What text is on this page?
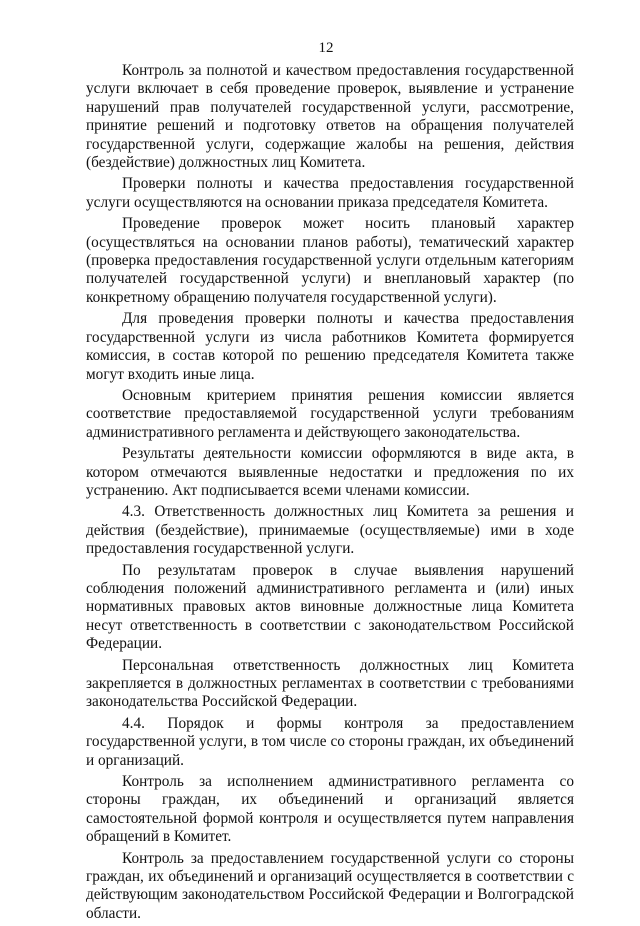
12

Контроль за полнотой и качеством предоставления государственной услуги включает в себя проведение проверок, выявление и устранение нарушений прав получателей государственной услуги, рассмотрение, принятие решений и подготовку ответов на обращения получателей государственной услуги, содержащие жалобы на решения, действия (бездействие) должностных лиц Комитета.

Проверки полноты и качества предоставления государственной услуги осуществляются на основании приказа председателя Комитета.

Проведение проверок может носить плановый характер (осуществляться на основании планов работы), тематический характер (проверка предоставления государственной услуги отдельным категориям получателей государственной услуги) и внеплановый характер (по конкретному обращению получателя государственной услуги).

Для проведения проверки полноты и качества предоставления государственной услуги из числа работников Комитета формируется комиссия, в состав которой по решению председателя Комитета также могут входить иные лица.

Основным критерием принятия решения комиссии является соответствие предоставляемой государственной услуги требованиям административного регламента и действующего законодательства.

Результаты деятельности комиссии оформляются в виде акта, в котором отмечаются выявленные недостатки и предложения по их устранению. Акт подписывается всеми членами комиссии.

4.3. Ответственность должностных лиц Комитета за решения и действия (бездействие), принимаемые (осуществляемые) ими в ходе предоставления государственной услуги.

По результатам проверок в случае выявления нарушений соблюдения положений административного регламента и (или) иных нормативных правовых актов виновные должностные лица Комитета несут ответственность в соответствии с законодательством Российской Федерации.

Персональная ответственность должностных лиц Комитета закрепляется в должностных регламентах в соответствии с требованиями законодательства Российской Федерации.

4.4. Порядок и формы контроля за предоставлением государственной услуги, в том числе со стороны граждан, их объединений и организаций.

Контроль за исполнением административного регламента со стороны граждан, их объединений и организаций является самостоятельной формой контроля и осуществляется путем направления обращений в Комитет.

Контроль за предоставлением государственной услуги со стороны граждан, их объединений и организаций осуществляется в соответствии с действующим законодательством Российской Федерации и Волгоградской области.
